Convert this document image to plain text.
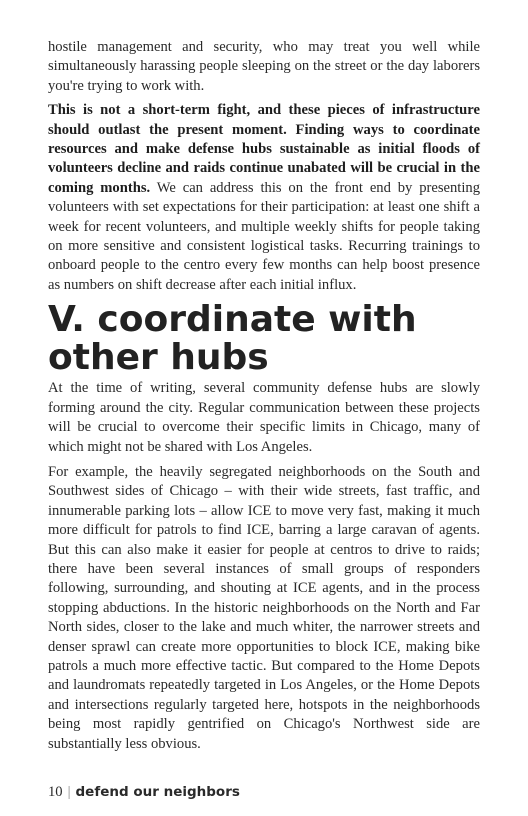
hostile management and security, who may treat you well while simultaneously harassing people sleeping on the street or the day laborers you're trying to work with.

This is not a short-term fight, and these pieces of infrastructure should outlast the present moment. Finding ways to coordinate resources and make defense hubs sustainable as initial floods of volunteers decline and raids continue unabated will be crucial in the coming months. We can address this on the front end by presenting volunteers with set expectations for their participation: at least one shift a week for recent volunteers, and multiple weekly shifts for people taking on more sensitive and consistent logistical tasks. Recurring trainings to onboard people to the centro every few months can help boost presence as numbers on shift decrease after each initial influx.

V. coordinate with other hubs

At the time of writing, several community defense hubs are slowly forming around the city. Regular communication between these projects will be crucial to overcome their specific limits in Chicago, many of which might not be shared with Los Angeles.

For example, the heavily segregated neighborhoods on the South and Southwest sides of Chicago – with their wide streets, fast traffic, and innumerable parking lots – allow ICE to move very fast, making it much more difficult for patrols to find ICE, barring a large caravan of agents. But this can also make it easier for people at centros to drive to raids; there have been several instances of small groups of responders following, surrounding, and shouting at ICE agents, and in the process stopping abductions. In the historic neighborhoods on the North and Far North sides, closer to the lake and much whiter, the narrower streets and denser sprawl can create more opportunities to block ICE, making bike patrols a much more effective tactic. But compared to the Home Depots and laundromats repeatedly targeted in Los Angeles, or the Home Depots and intersections regularly targeted here, hotspots in the neighborhoods being most rapidly gentrified on Chicago's Northwest side are substantially less obvious.

10 | defend our neighbors
